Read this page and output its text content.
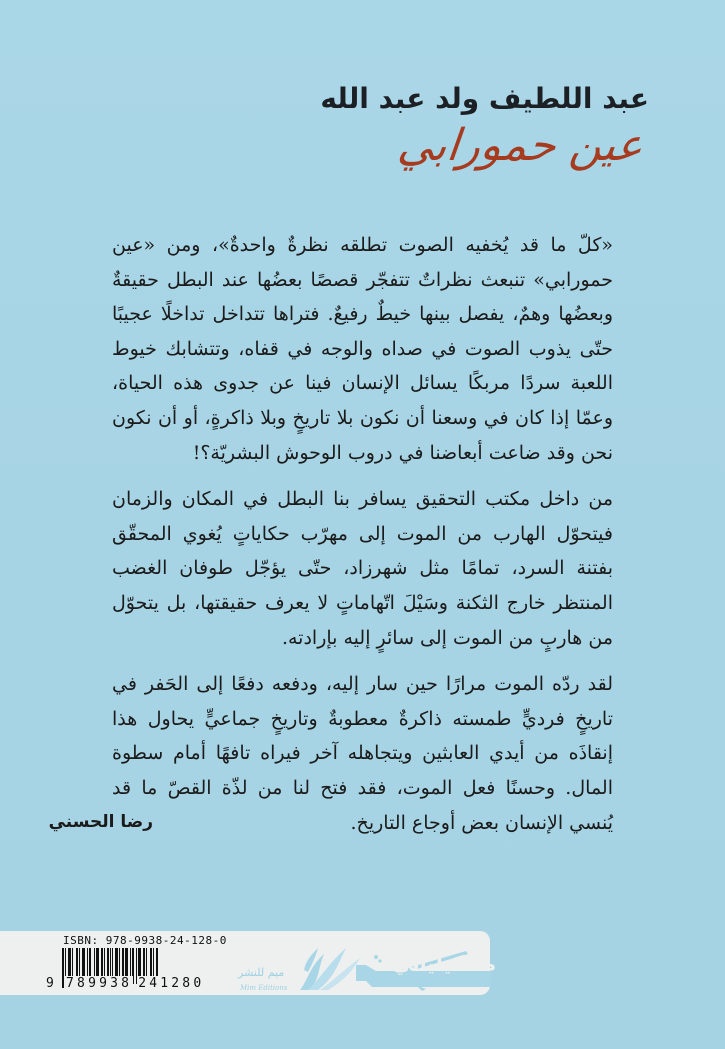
عبد اللطيف ولد عبد الله
عين حمورابي

«كلّ ما قد يُخفيه الصوت تطلقه نظرةٌ واحدةٌ»، ومن «عين حمورابي» تنبعث نظراتٌ تتفجّر قصصًا بعضُها عند البطل حقيقةٌ وبعضُها وهمٌ، يفصل بينها خيطٌ رفيعٌ. فتراها تتداخل تداخلًا عجيبًا حتّى يذوب الصوت في صداه والوجه في قفاه، وتتشابك خيوط اللعبة سردًا مربكًا يسائل الإنسان فينا عن جدوى هذه الحياة، وعمّا إذا كان في وسعنا أن نكون بلا تاريخٍ وبلا ذاكرةٍ، أو أن نكون نحن وقد ضاعت أبعاضنا في دروب الوحوش البشريّة؟!

من داخل مكتب التحقيق يسافر بنا البطل في المكان والزمان فيتحوّل الهارب من الموت إلى مهرّب حكاياتٍ يُغوي المحقّق بفتنة السرد، تمامًا مثل شهرزاد، حتّى يؤجّل طوفان الغضب المنتظر خارج الثكنة وسَيْلَ اتّهاماتٍ لا يعرف حقيقتها، بل يتحوّل من هاربٍ من الموت إلى سائرٍ إليه بإرادته.

لقد ردّه الموت مرارًا حين سار إليه، ودفعه دفعًا إلى الحَفر في تاريخٍ فرديٍّ طمسته ذاكرةٌ معطوبةٌ وتاريخٍ جماعيٍّ يحاول هذا إنقاذَه من أيدي العابثين ويتجاهله آخر فيراه تافهًا أمام سطوة المال. وحسنًا فعل الموت، فقد فتح لنا من لذّة القصّ ما قد يُنسي الإنسان بعض أوجاع التاريخ.

رضا الحسني
ISBN: 978-9938-24-128-0
9 789938 241280
ميم للنشر
Mim Editions
مسكيلياني
